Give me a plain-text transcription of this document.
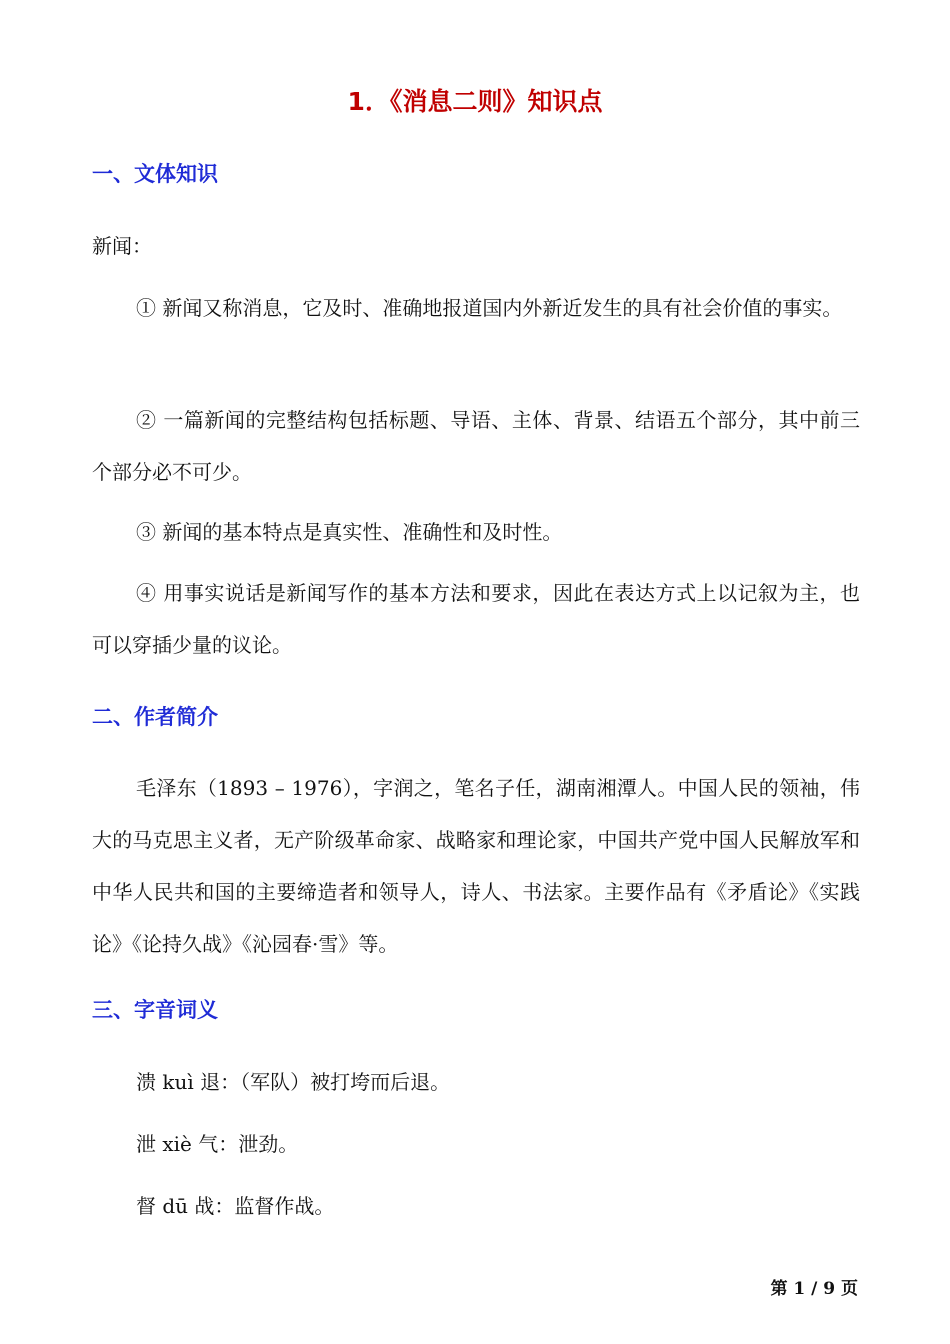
1．《消息二则》知识点
一、文体知识
新闻：

① 新闻又称消息，它及时、准确地报道国内外新近发生的具有社会价值的事实。

② 一篇新闻的完整结构包括标题、导语、主体、背景、结语五个部分，其中前三个部分必不可少。

③ 新闻的基本特点是真实性、准确性和及时性。

④ 用事实说话是新闻写作的基本方法和要求，因此在表达方式上以记叙为主，也可以穿插少量的议论。

二、作者简介

毛泽东（1893 – 1976），字润之，笔名子任，湖南湘潭人。中国人民的领袖，伟大的马克思主义者，无产阶级革命家、战略家和理论家，中国共产党中国人民解放军和中华人民共和国的主要缔造者和领导人，诗人、书法家。主要作品有《矛盾论》《实践论》《论持久战》《沁园春·雪》等。

三、字音词义
溃 kuì 退：（军队）被打垮而后退。
泄 xiè 气：泄劲。
督 dū 战：监督作战。
第 1 / 9 页
